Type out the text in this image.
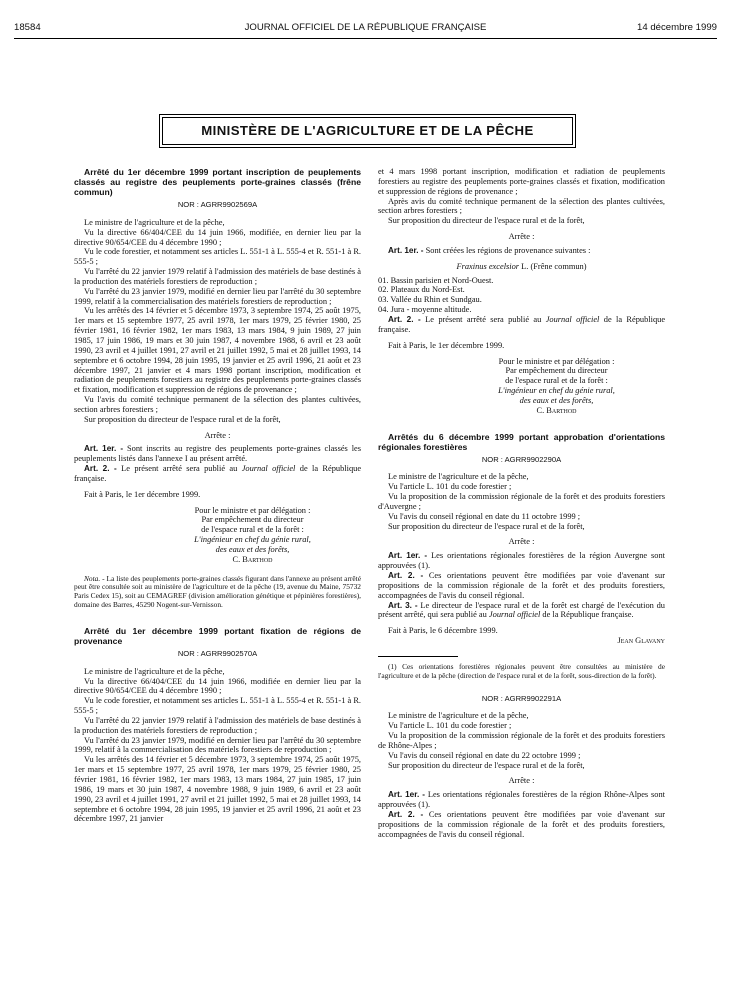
18584	JOURNAL OFFICIEL DE LA RÉPUBLIQUE FRANÇAISE	14 décembre 1999
MINISTÈRE DE L'AGRICULTURE ET DE LA PÊCHE

Arrêté du 1er décembre 1999 portant inscription de peuplements classés au registre des peuplements porte-graines classés (frêne commun)

NOR : AGRR9902569A

Le ministre de l'agriculture et de la pêche,

Vu la directive 66/404/CEE du 14 juin 1966, modifiée, en dernier lieu par la directive 90/654/CEE du 4 décembre 1990 ;

Vu le code forestier, et notamment ses articles L. 551-1 à L. 555-4 et R. 551-1 à R. 555-5 ;

Vu l'arrêté du 22 janvier 1979 relatif à l'admission des matériels de base destinés à la production des matériels forestiers de reproduction ;

Vu l'arrêté du 23 janvier 1979, modifié en dernier lieu par l'arrêté du 30 septembre 1999, relatif à la commercialisation des matériels forestiers de reproduction ;

Vu les arrêtés des 14 février et 5 décembre 1973, 3 septembre 1974, 25 août 1975, 1er mars et 15 septembre 1977, 25 avril 1978, 1er mars 1979, 25 février 1980, 25 février 1981, 16 février 1982, 1er mars 1983, 13 mars 1984, 9 juin 1989, 27 juin 1985, 17 juin 1986, 19 mars et 30 juin 1987, 4 novembre 1988, 6 avril et 23 août 1990, 23 avril et 4 juillet 1991, 27 avril et 21 juillet 1992, 5 mai et 28 juillet 1993, 14 septembre et 6 octobre 1994, 28 juin 1995, 19 janvier et 25 avril 1996, 21 août et 23 décembre 1997, 21 janvier et 4 mars 1998 portant inscription, modification et radiation de peuplements forestiers au registre des peuplements porte-graines classés et fixation, modification et suppression de régions de provenance ;

Vu l'avis du comité technique permanent de la sélection des plantes cultivées, section arbres forestiers ;

Sur proposition du directeur de l'espace rural et de la forêt,

Arrête :

Art. 1er. - Sont inscrits au registre des peuplements porte-graines classés les peuplements listés dans l'annexe I au présent arrêté.

Art. 2. - Le présent arrêté sera publié au Journal officiel de la République française.

Fait à Paris, le 1er décembre 1999.

Pour le ministre et par délégation :
Par empêchement du directeur
de l'espace rural et de la forêt :
L'ingénieur en chef du génie rural,
des eaux et des forêts,
C. Barthod

Nota. - La liste des peuplements porte-graines classés figurant dans l'annexe au présent arrêté peut être consultée soit au ministère de l'agriculture et de la pêche (19, avenue du Maine, 75732 Paris Cedex 15), soit au CEMAGREF (division amélioration génétique et pépinières forestières), domaine des Barres, 45290 Nogent-sur-Vernisson.

Arrêté du 1er décembre 1999 portant fixation de régions de provenance

NOR : AGRR9902570A

Le ministre de l'agriculture et de la pêche,

Vu la directive 66/404/CEE du 14 juin 1966, modifiée en dernier lieu par la directive 90/654/CEE du 4 décembre 1990 ;

Vu le code forestier, et notamment ses articles L. 551-1 à L. 555-4 et R. 551-1 à R. 555-5 ;

Vu l'arrêté du 22 janvier 1979 relatif à l'admission des matériels de base destinés à la production des matériels forestiers de reproduction ;

Vu l'arrêté du 23 janvier 1979, modifié en dernier lieu par l'arrêté du 30 septembre 1999, relatif à la commercialisation des matériels forestiers de reproduction ;

Vu les arrêtés des 14 février et 5 décembre 1973, 3 septembre 1974, 25 août 1975, 1er mars et 15 septembre 1977, 25 avril 1978, 1er mars 1979, 25 février 1980, 25 février 1981, 16 février 1982, 1er mars 1983, 13 mars 1984, 27 juin 1985, 17 juin 1986, 19 mars et 30 juin 1987, 4 novembre 1988, 9 juin 1989, 6 avril et 23 août 1990, 23 avril et 4 juillet 1991, 27 avril et 21 juillet 1992, 5 mai et 28 juillet 1993, 14 septembre et 6 octobre 1994, 28 juin 1995, 19 janvier et 25 avril 1996, 21 août et 23 décembre 1997, 21 janvier

et 4 mars 1998 portant inscription, modification et radiation de peuplements forestiers au registre des peuplements porte-graines classés et fixation, modification et suppression de régions de provenance ;

Après avis du comité technique permanent de la sélection des plantes cultivées, section arbres forestiers ;

Sur proposition du directeur de l'espace rural et de la forêt,

Arrête :

Art. 1er. - Sont créées les régions de provenance suivantes :

Fraxinus excelsior L. (Frêne commun)
01. Bassin parisien et Nord-Ouest.
02. Plateaux du Nord-Est.
03. Vallée du Rhin et Sundgau.
04. Jura - moyenne altitude.

Art. 2. - Le présent arrêté sera publié au Journal officiel de la République française.

Fait à Paris, le 1er décembre 1999.

Pour le ministre et par délégation :
Par empêchement du directeur
de l'espace rural et de la forêt :
L'ingénieur en chef du génie rural,
des eaux et des forêts,
C. Barthod

Arrêtés du 6 décembre 1999 portant approbation d'orientations régionales forestières

NOR : AGRR9902290A

Le ministre de l'agriculture et de la pêche,

Vu l'article L. 101 du code forestier ;

Vu la proposition de la commission régionale de la forêt et des produits forestiers d'Auvergne ;

Vu l'avis du conseil régional en date du 11 octobre 1999 ;

Sur proposition du directeur de l'espace rural et de la forêt,

Arrête :

Art. 1er. - Les orientations régionales forestières de la région Auvergne sont approuvées (1).

Art. 2. - Ces orientations peuvent être modifiées par voie d'avenant sur propositions de la commission régionale de la forêt et des produits forestiers, accompagnées de l'avis du conseil régional.

Art. 3. - Le directeur de l'espace rural et de la forêt est chargé de l'exécution du présent arrêté, qui sera publié au Journal officiel de la République française.

Fait à Paris, le 6 décembre 1999.

Jean Glavany

(1) Ces orientations forestières régionales peuvent être consultées au ministère de l'agriculture et de la pêche (direction de l'espace rural et de la forêt, sous-direction de la forêt).

NOR : AGRR9902291A

Le ministre de l'agriculture et de la pêche,

Vu l'article L. 101 du code forestier ;

Vu la proposition de la commission régionale de la forêt et des produits forestiers de Rhône-Alpes ;

Vu l'avis du conseil régional en date du 22 octobre 1999 ;

Sur proposition du directeur de l'espace rural et de la forêt,

Arrête :

Art. 1er. - Les orientations régionales forestières de la région Rhône-Alpes sont approuvées (1).

Art. 2. - Ces orientations peuvent être modifiées par voie d'avenant sur propositions de la commission régionale de la forêt et des produits forestiers, accompagnées de l'avis du conseil régional.
